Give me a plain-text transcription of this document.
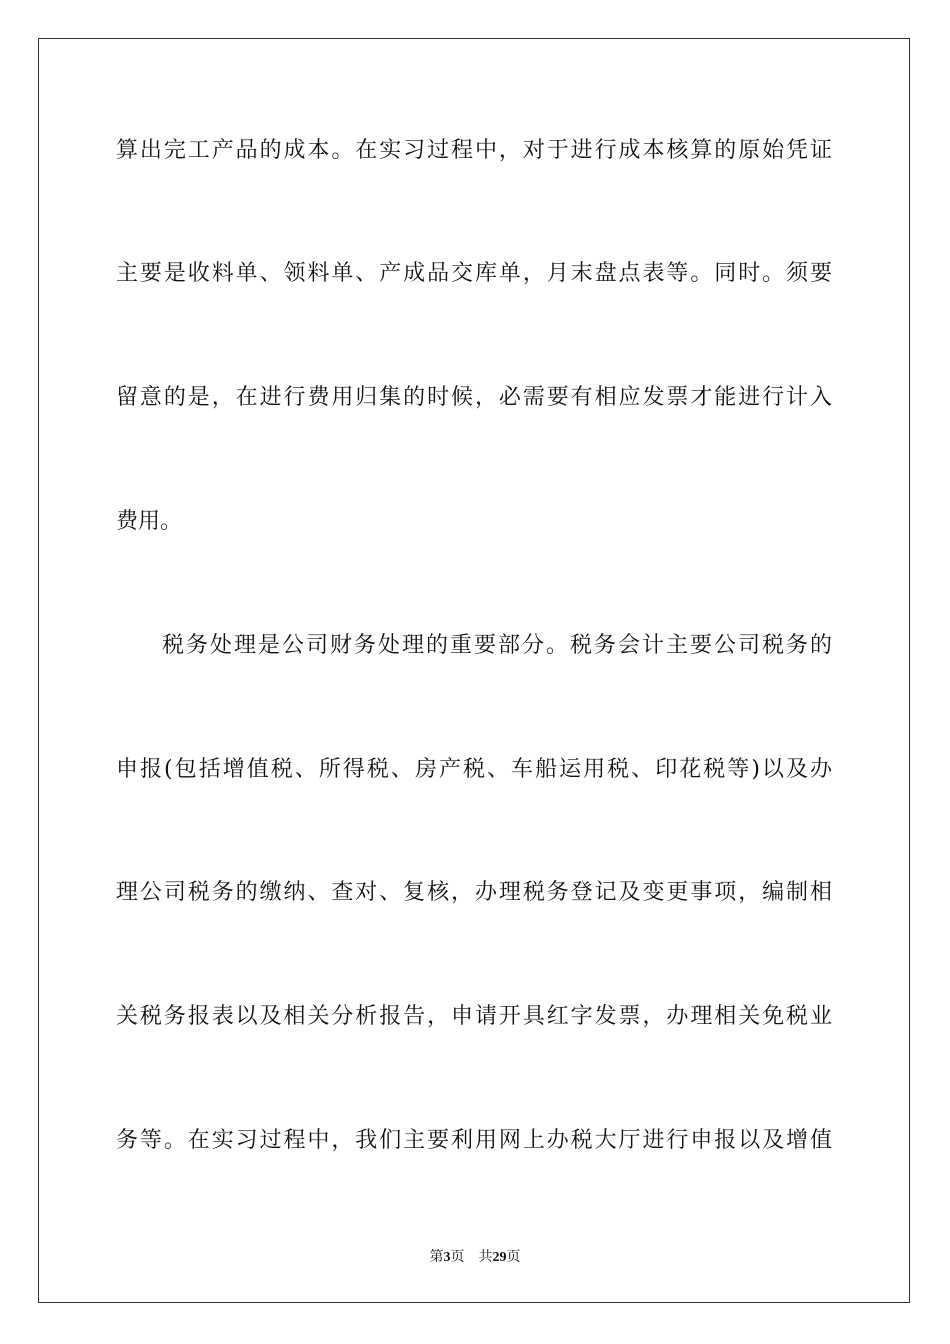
算出完工产品的成本。在实习过程中，对于进行成本核算的原始凭证
主要是收料单、领料单、产成品交库单，月末盘点表等。同时。须要
留意的是，在进行费用归集的时候，必需要有相应发票才能进行计入
费用。
税务处理是公司财务处理的重要部分。税务会计主要公司税务的
申报(包括增值税、所得税、房产税、车船运用税、印花税等)以及办
理公司税务的缴纳、查对、复核，办理税务登记及变更事项，编制相
关税务报表以及相关分析报告，申请开具红字发票，办理相关免税业
务等。在实习过程中，我们主要利用网上办税大厅进行申报以及增值
第3页 共29页
